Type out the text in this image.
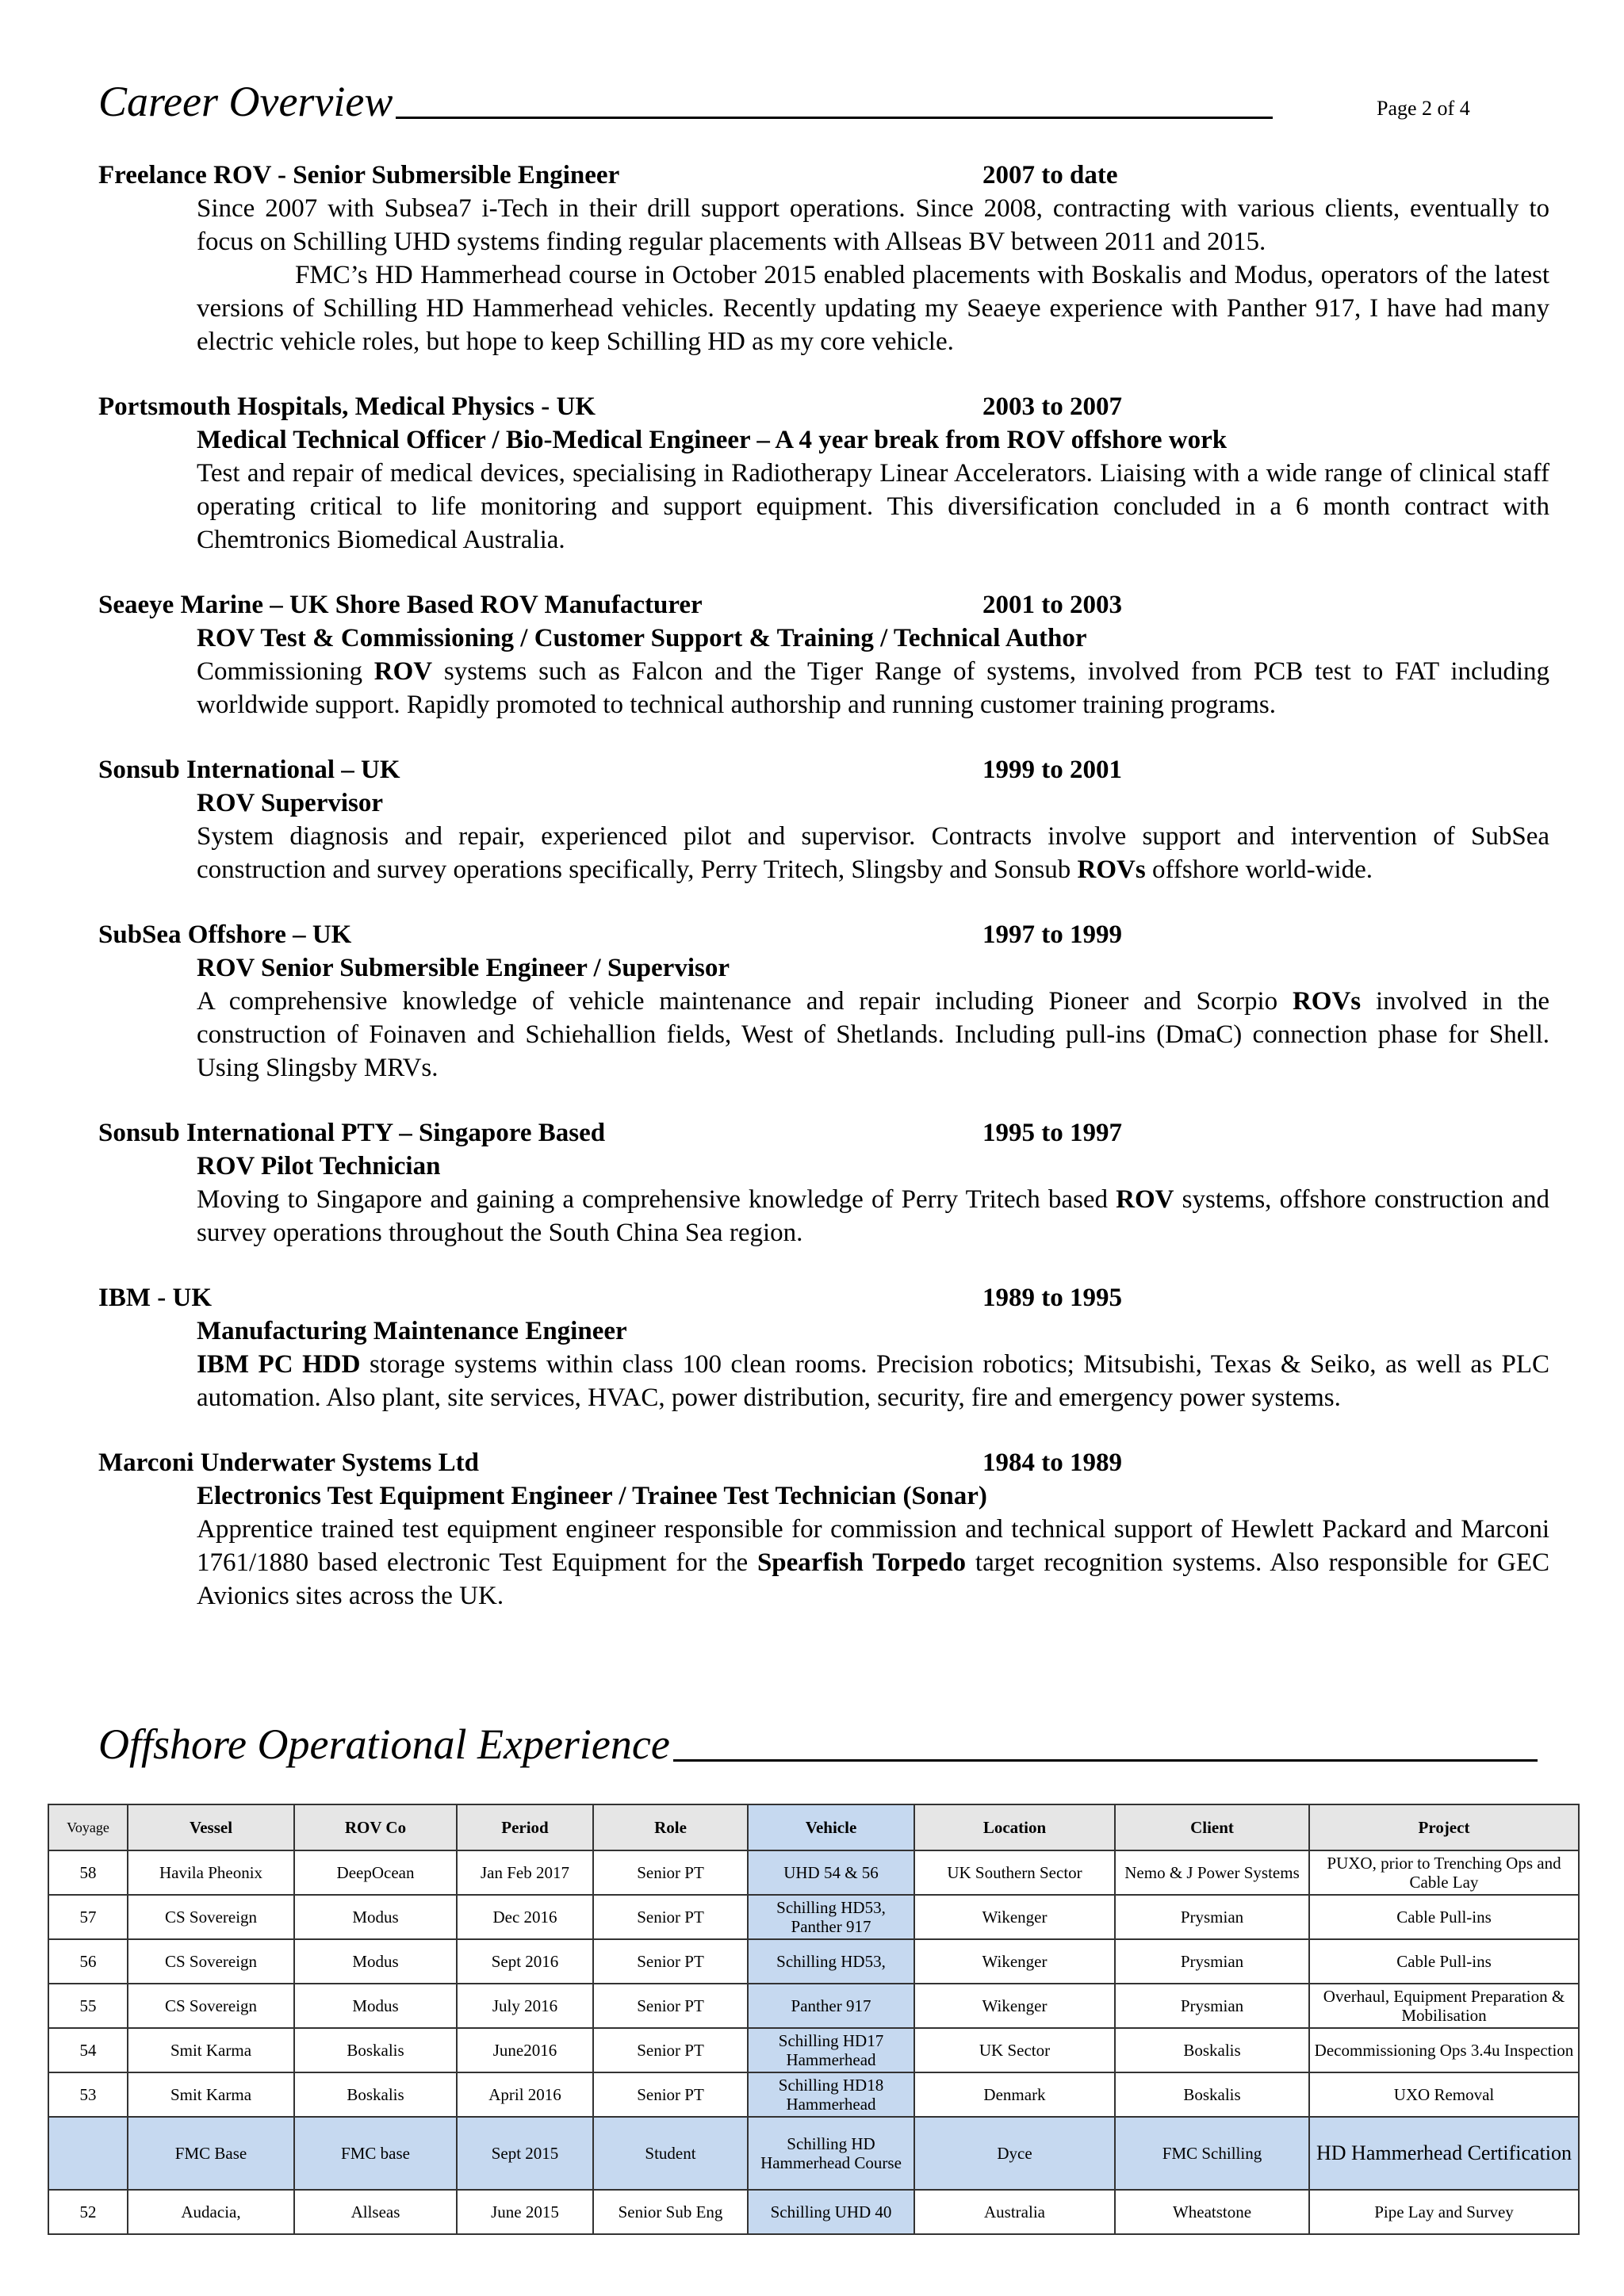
Career Overview	Page 2 of 4
Freelance ROV - Senior Submersible Engineer	2007 to date

Since 2007 with Subsea7 i-Tech in their drill support operations. Since 2008, contracting with various clients, eventually to focus on Schilling UHD systems finding regular placements with Allseas BV between 2011 and 2015.

FMC’s HD Hammerhead course in October 2015 enabled placements with Boskalis and Modus, operators of the latest versions of Schilling HD Hammerhead vehicles. Recently updating my Seaeye experience with Panther 917, I have had many electric vehicle roles, but hope to keep Schilling HD as my core vehicle.

Portsmouth Hospitals, Medical Physics - UK	2003 to 2007
Medical Technical Officer / Bio-Medical Engineer – A 4 year break from ROV offshore work
Test and repair of medical devices, specialising in Radiotherapy Linear Accelerators. Liaising with a wide range of clinical staff operating critical to life monitoring and support equipment. This diversification concluded in a 6 month contract with Chemtronics Biomedical Australia.
Seaeye Marine – UK Shore Based ROV Manufacturer	2001 to 2003
ROV Test & Commissioning / Customer Support & Training / Technical Author
Commissioning ROV systems such as Falcon and the Tiger Range of systems, involved from PCB test to FAT including worldwide support. Rapidly promoted to technical authorship and running customer training programs.
Sonsub International – UK	1999 to 2001
ROV Supervisor
System diagnosis and repair, experienced pilot and supervisor. Contracts involve support and intervention of SubSea construction and survey operations specifically, Perry Tritech, Slingsby and Sonsub ROVs offshore world-wide.
SubSea Offshore – UK	1997 to 1999
ROV Senior Submersible Engineer / Supervisor
A comprehensive knowledge of vehicle maintenance and repair including Pioneer and Scorpio ROVs involved in the construction of Foinaven and Schiehallion fields, West of Shetlands. Including pull-ins (DmaC) connection phase for Shell. Using Slingsby MRVs.
Sonsub International PTY – Singapore Based	1995 to 1997
ROV Pilot Technician
Moving to Singapore and gaining a comprehensive knowledge of Perry Tritech based ROV systems, offshore construction and survey operations throughout the South China Sea region.
IBM - UK	1989 to 1995
Manufacturing Maintenance Engineer
IBM PC HDD storage systems within class 100 clean rooms. Precision robotics; Mitsubishi, Texas & Seiko, as well as PLC automation. Also plant, site services, HVAC, power distribution, security, fire and emergency power systems.
Marconi Underwater Systems Ltd	1984 to 1989
Electronics Test Equipment Engineer / Trainee Test Technician (Sonar)
Apprentice trained test equipment engineer responsible for commission and technical support of Hewlett Packard and Marconi 1761/1880 based electronic Test Equipment for the Spearfish Torpedo target recognition systems. Also responsible for GEC Avionics sites across the UK.
Offshore Operational Experience
Voyage	Vessel	ROV Co	Period	Role	Vehicle	Location	Client	Project
58	Havila Pheonix	DeepOcean	Jan Feb 2017	Senior PT	UHD 54 & 56	UK Southern Sector	Nemo & J Power Systems	PUXO, prior to Trenching Ops and Cable Lay
57	CS Sovereign	Modus	Dec 2016	Senior PT	Schilling HD53, Panther 917	Wikenger	Prysmian	Cable Pull-ins
56	CS Sovereign	Modus	Sept 2016	Senior PT	Schilling HD53,	Wikenger	Prysmian	Cable Pull-ins
55	CS Sovereign	Modus	July 2016	Senior PT	Panther 917	Wikenger	Prysmian	Overhaul, Equipment Preparation & Mobilisation
54	Smit Karma	Boskalis	June2016	Senior PT	Schilling HD17 Hammerhead	UK Sector	Boskalis	Decommissioning Ops 3.4u Inspection
53	Smit Karma	Boskalis	April 2016	Senior PT	Schilling HD18 Hammerhead	Denmark	Boskalis	UXO Removal
	FMC Base	FMC base	Sept 2015	Student	Schilling HD Hammerhead Course	Dyce	FMC Schilling	HD Hammerhead Certification
52	Audacia,	Allseas	June 2015	Senior Sub Eng	Schilling UHD 40	Australia	Wheatstone	Pipe Lay and Survey
